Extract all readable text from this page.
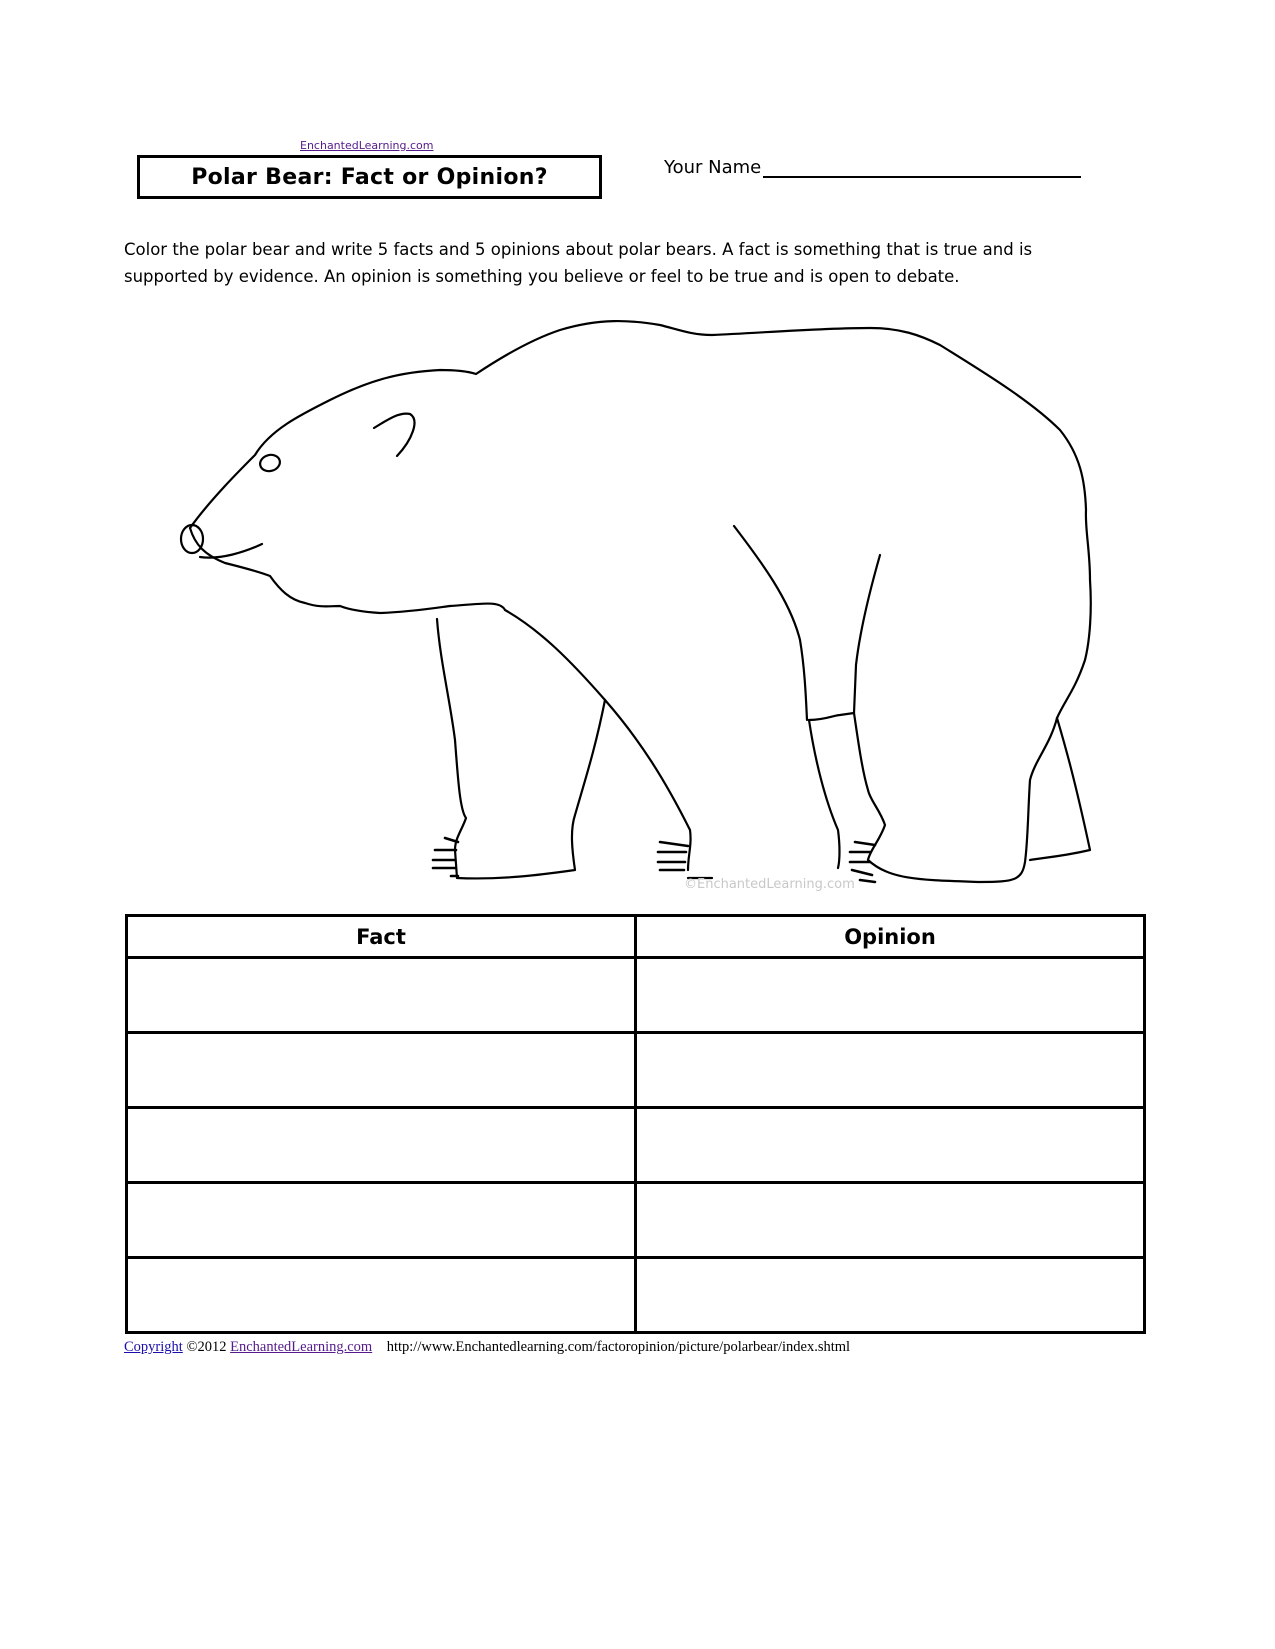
EnchantedLearning.com
Polar Bear: Fact or Opinion?	Your Name
Color the polar bear and write 5 facts and 5 opinions about polar bears. A fact is something that is true and is supported by evidence. An opinion is something you believe or feel to be true and is open to debate.
©EnchantedLearning.com
Fact	Opinion

Copyright ©2012 EnchantedLearning.com http://www.Enchantedlearning.com/factoropinion/picture/polarbear/index.shtml
